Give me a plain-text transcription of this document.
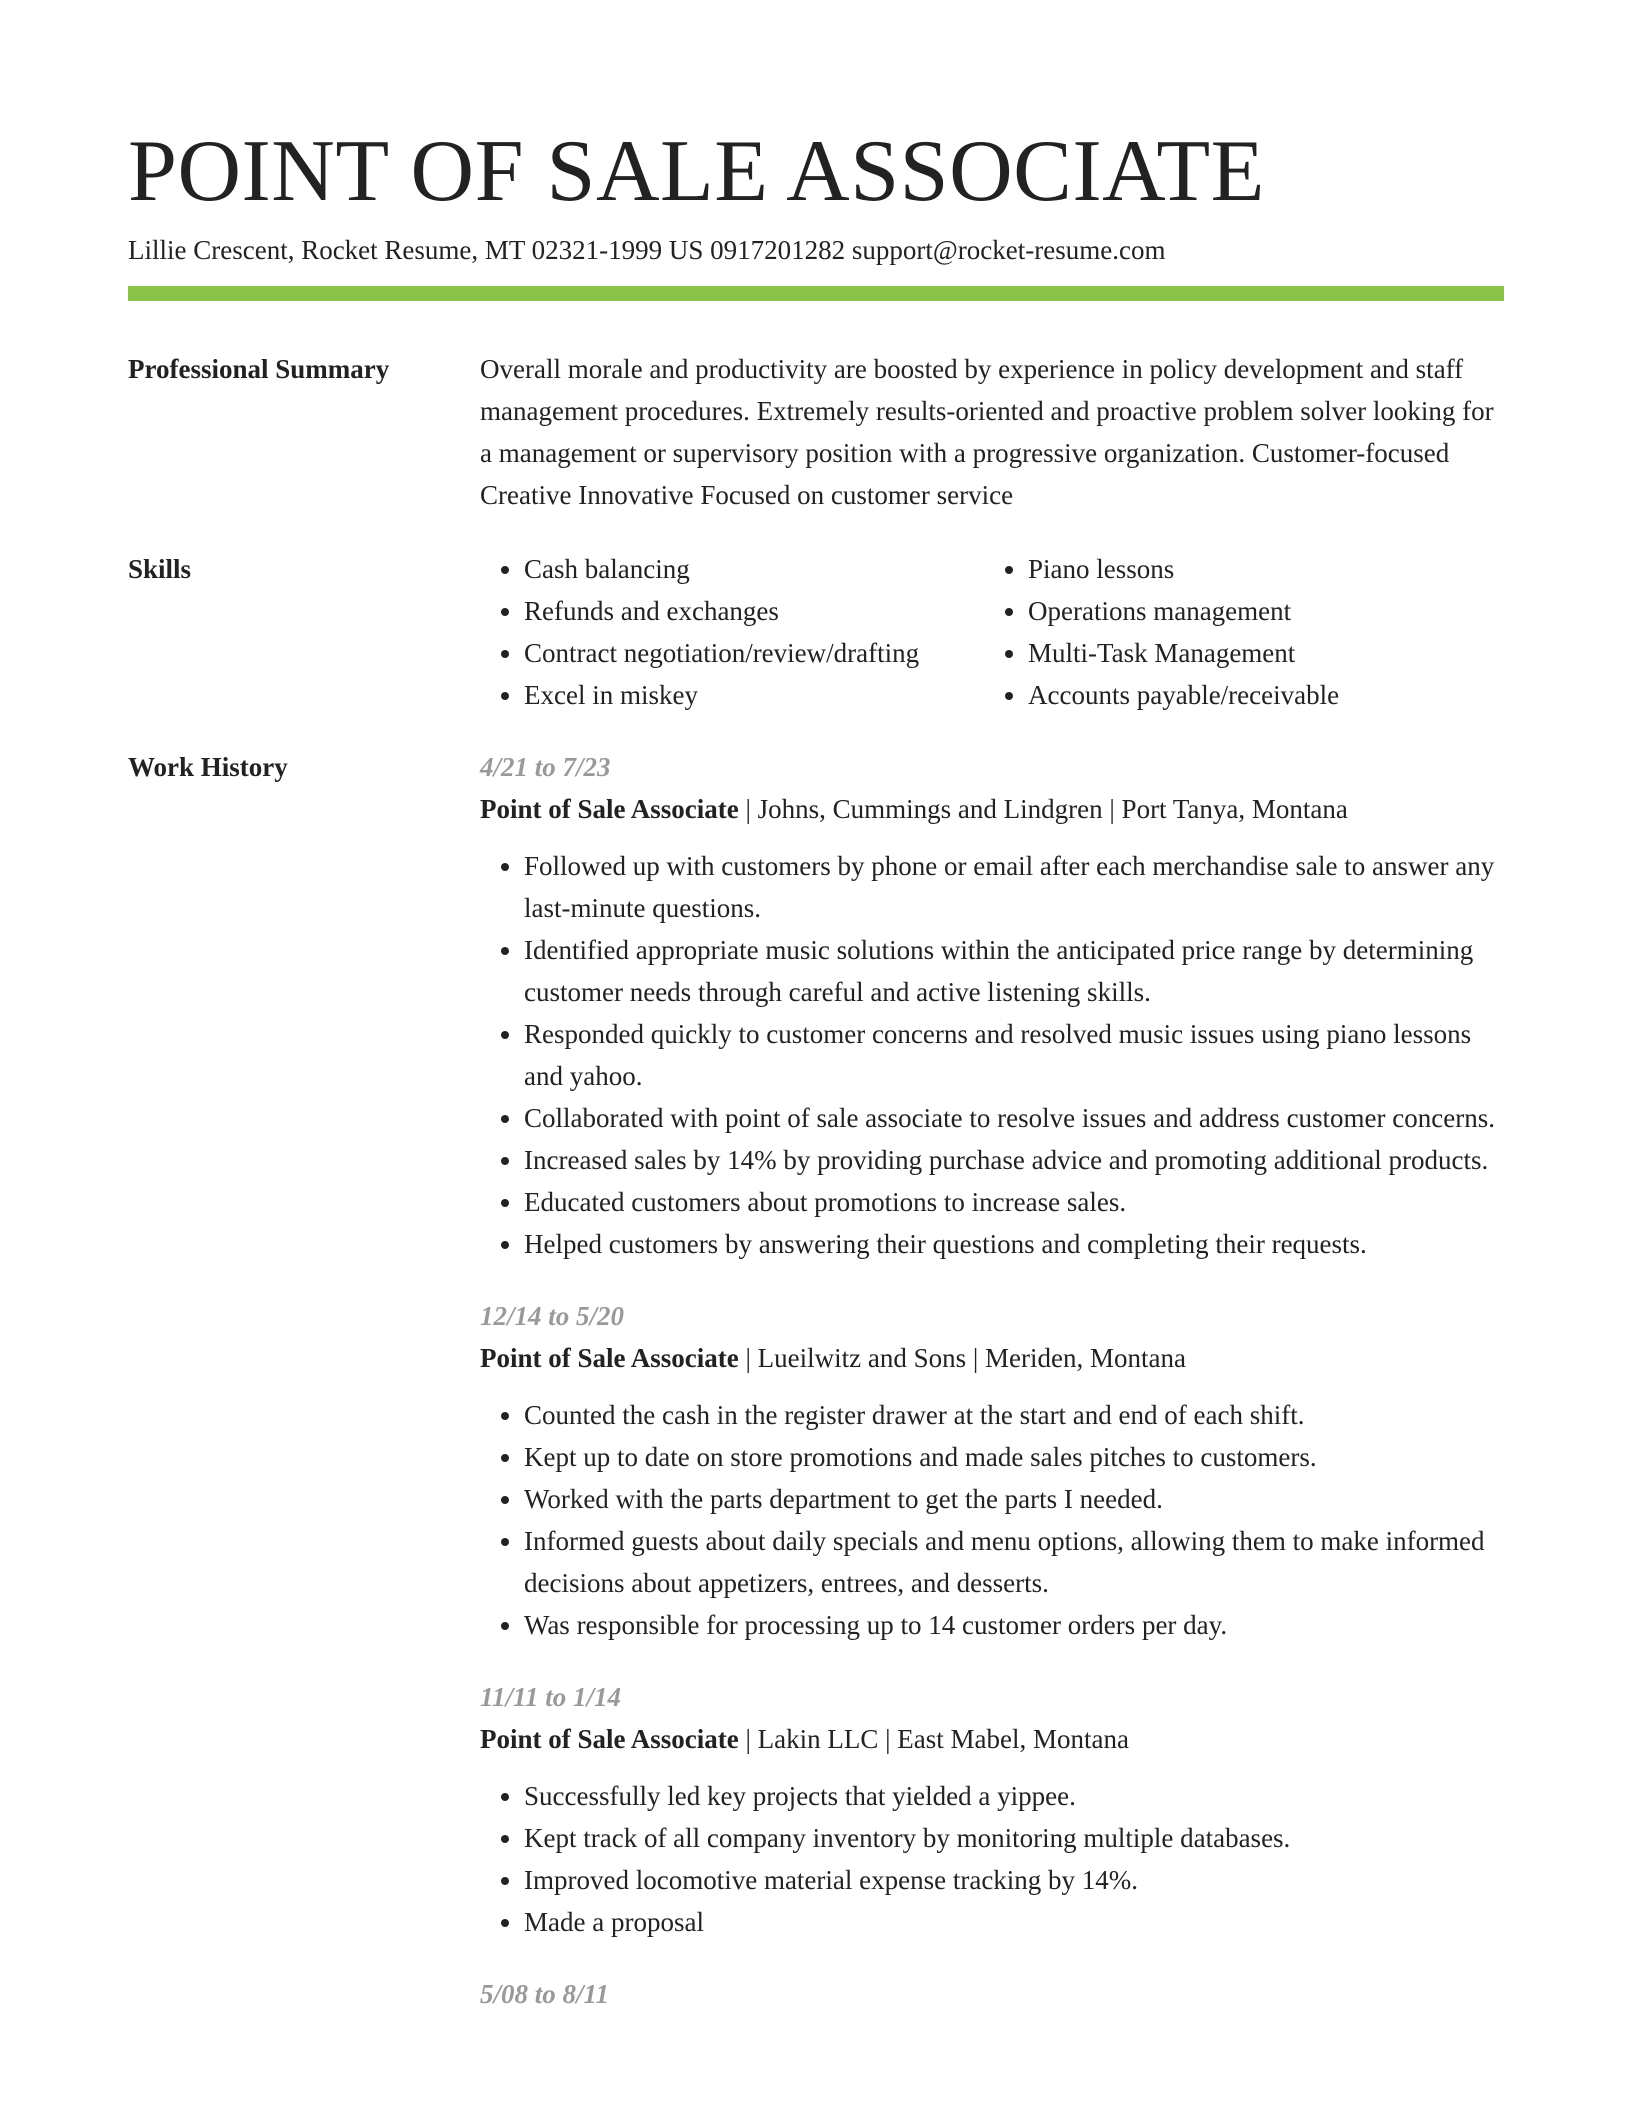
POINT OF SALE ASSOCIATE
Lillie Crescent, Rocket Resume, MT 02321-1999 US 0917201282 support@rocket-resume.com
Professional Summary	Overall morale and productivity are boosted by experience in policy development and staff management procedures. Extremely results-oriented and proactive problem solver looking for a management or supervisory position with a progressive organization. Customer-focused Creative Innovative Focused on customer service

Skills
•	Cash balancing
• Refunds and exchanges
• Contract negotiation/review/drafting
• Excel in miskey
• Piano lessons
• Operations management
• Multi-Task Management
• Accounts payable/receivable
Work History	4/21 to 7/23
Point of Sale Associate | Johns, Cummings and Lindgren | Port Tanya, Montana
• Followed up with customers by phone or email after each merchandise sale to answer any last-minute questions.
• Identified appropriate music solutions within the anticipated price range by determining customer needs through careful and active listening skills.
• Responded quickly to customer concerns and resolved music issues using piano lessons and yahoo.
• Collaborated with point of sale associate to resolve issues and address customer concerns.
• Increased sales by 14% by providing purchase advice and promoting additional products.
• Educated customers about promotions to increase sales.
• Helped customers by answering their questions and completing their requests.
12/14 to 5/20
Point of Sale Associate | Lueilwitz and Sons | Meriden, Montana
• Counted the cash in the register drawer at the start and end of each shift.
• Kept up to date on store promotions and made sales pitches to customers.
• Worked with the parts department to get the parts I needed.
• Informed guests about daily specials and menu options, allowing them to make informed decisions about appetizers, entrees, and desserts.
• Was responsible for processing up to 14 customer orders per day.
11/11 to 1/14
Point of Sale Associate | Lakin LLC | East Mabel, Montana
• Successfully led key projects that yielded a yippee.
• Kept track of all company inventory by monitoring multiple databases.
• Improved locomotive material expense tracking by 14%.
• Made a proposal
5/08 to 8/11
